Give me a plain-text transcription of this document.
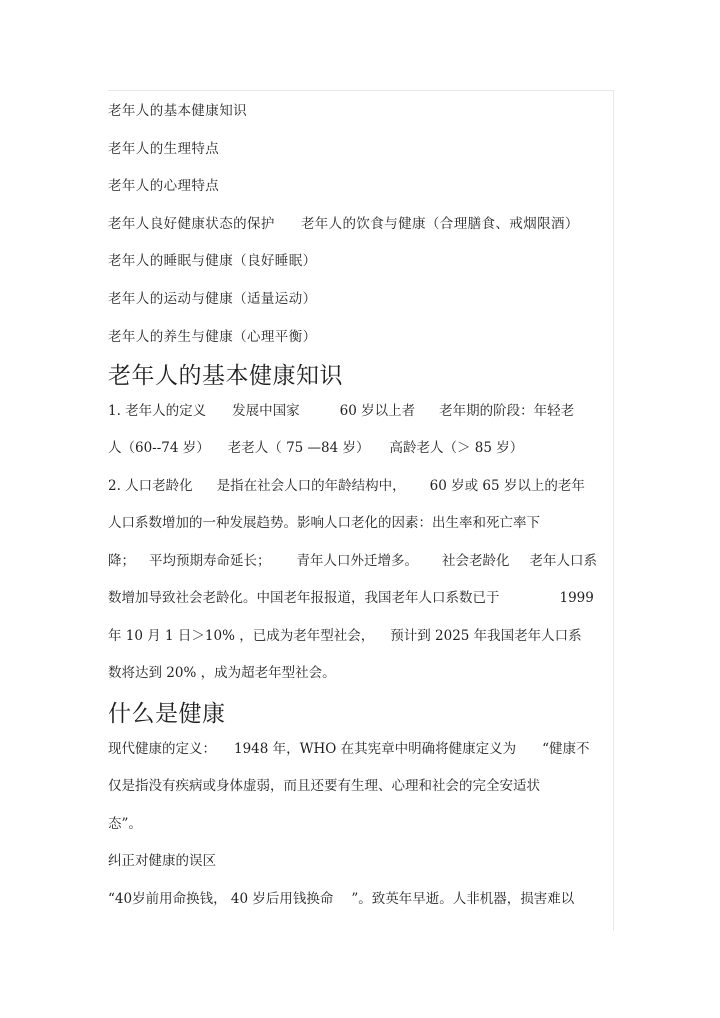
老年人的基本健康知识
老年人的生理特点
老年人的心理特点
老年人良好健康状态的保护 老年人的饮食与健康（合理膳食、戒烟限酒）
老年人的睡眠与健康（良好睡眠）
老年人的运动与健康（适量运动）
老年人的养生与健康（心理平衡）
老年人的基本健康知识
1. 老年人的定义 发展中国家	60 岁以上者 老年期的阶段：年轻老
人（60--74 岁） 老老人（ 75 —84 岁） 高龄老人（＞ 85 岁）
2. 人口老龄化 是指在社会人口的年龄结构中， 60 岁或 65 岁以上的老年
人口系数增加的一种发展趋势。影响人口老化的因素：出生率和死亡率下
降； 平均预期寿命延长； 青年人口外迁增多。 社会老龄化 老年人口系
数增加导致社会老龄化。中国老年报报道，我国老年人口系数已于	1999
年 10 月 1 日＞10% ，已成为老年型社会， 预计到 2025 年我国老年人口系
数将达到 20% ，成为超老年型社会。
什么是健康
现代健康的定义： 1948 年，WHO 在其宪章中明确将健康定义为 “健康不
仅是指没有疾病或身体虚弱，而且还要有生理、心理和社会的完全安适状
态”。
纠正对健康的误区
“40岁前用命换钱， 40 岁后用钱换命 ”。致英年早逝。人非机器，损害难以
